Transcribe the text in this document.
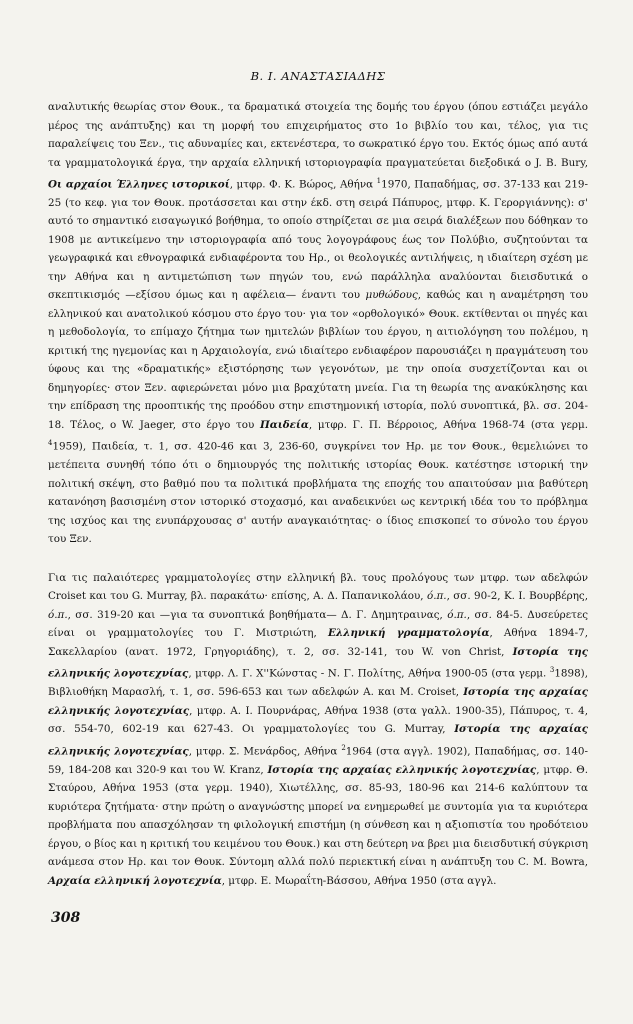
Β. Ι. ΑΝΑΣΤΑΣΙΑΔΗΣ

αναλυτικής θεωρίας στον Θουκ., τα δραματικά στοιχεία της δομής του έργου (όπου εστιάζει μεγάλο μέρος της ανάπτυξης) και τη μορφή του επιχειρήματος στο 1ο βιβλίο του και, τέλος, για τις παραλείψεις του Ξεν., τις αδυναμίες και, εκτενέστερα, το σωκρατικό έργο του. Εκτός όμως από αυτά τα γραμματολογικά έργα, την αρχαία ελληνική ιστοριογραφία πραγματεύεται διεξοδικά ο J. B. Bury, Οι αρχαίοι Έλληνες ιστορικοί, μτφρ. Φ. Κ. Βώρος, Αθήνα $^1$1970, Παπαδήμας, σσ. 37-133 και 219-25 (το κεφ. για τον Θουκ. προτάσσεται και στην έκδ. στη σειρά Πάπυρος, μτφρ. Κ. Γεροργιάννης): σ' αυτό το σημαντικό εισαγωγικό βοήθημα, το οποίο στηρίζεται σε μια σειρά διαλέξεων που δόθηκαν το 1908 με αντικείμενο την ιστοριογραφία από τους λογογράφους έως τον Πολύβιο, συζητούνται τα γεωγραφικά και εθνογραφικά ενδιαφέροντα του Ηρ., οι θεολογικές αντιλήψεις, η ιδιαίτερη σχέση με την Αθήνα και η αντιμετώπιση των πηγών του, ενώ παράλληλα αναλύονται διεισδυτικά ο σκεπτικισμός —εξίσου όμως και η αφέλεια— έναντι του μυθώδους, καθώς και η αναμέτρηση του ελληνικού και ανατολικού κόσμου στο έργο του· για τον «ορθολογικό» Θουκ. εκτίθενται οι πηγές και η μεθοδολογία, το επίμαχο ζήτημα των ημιτελών βιβλίων του έργου, η αιτιολόγηση του πολέμου, η κριτική της ηγεμονίας και η Αρχαιολογία, ενώ ιδιαίτερο ενδιαφέρον παρουσιάζει η πραγμάτευση του ύφους και της «δραματικής» εξιστόρησης των γεγονότων, με την οποία συσχετίζονται και οι δημηγορίες· στον Ξεν. αφιερώνεται μόνο μια βραχύτατη μνεία. Για τη θεωρία της ανακύκλησης και την επίδραση της προοπτικής της προόδου στην επιστημονική ιστορία, πολύ συνοπτικά, βλ. σσ. 204-18. Τέλος, ο W. Jaeger, στο έργο του Παιδεία, μτφρ. Γ. Π. Βέρροιος, Αθήνα 1968-74 (στα γερμ. $^4$1959), Παιδεία, τ. 1, σσ. 420-46 και 3, 236-60, συγκρίνει τον Ηρ. με τον Θουκ., θεμελιώνει το μετέπειτα συνηθή τόπο ότι ο δημιουργός της πολιτικής ιστορίας Θουκ. κατέστησε ιστορική την πολιτική σκέψη, στο βαθμό που τα πολιτικά προβλήματα της εποχής του απαιτούσαν μια βαθύτερη κατανόηση βασισμένη στον ιστορικό στοχασμό, και αναδεικνύει ως κεντρική ιδέα του το πρόβλημα της ισχύος και της ενυπάρχουσας σ' αυτήν αναγκαιότητας· ο ίδιος επισκοπεί το σύνολο του έργου του Ξεν.

Για τις παλαιότερες γραμματολογίες στην ελληνική βλ. τους προλόγους των μτφρ. των αδελφών Croiset και του G. Murray, βλ. παρακάτω· επίσης, Α. Δ. Παπανικολάου, ό.π., σσ. 90-2, Κ. Ι. Βουρβέρης, ό.π., σσ. 319-20 και —για τα συνοπτικά βοηθήματα— Δ. Γ. Δημητραινας, ό.π., σσ. 84-5. Δυσεύρετες είναι οι γραμματολογίες του Γ. Μιστριώτη, Ελληνική γραμματολογία, Αθήνα 1894-7, Σακελλαρίου (ανατ. 1972, Γρηγοριάδης), τ. 2, σσ. 32-141, του W. von Christ, Ιστορία της ελληνικής λογοτεχνίας, μτφρ. Λ. Γ. Χ''Κώνστας - Ν. Γ. Πολίτης, Αθήνα 1900-05 (στα γερμ. $^3$1898), Βιβλιοθήκη Μαρασλή, τ. 1, σσ. 596-653 και των αδελφών Α. και Μ. Croiset, Ιστορία της αρχαίας ελληνικής λογοτεχνίας, μτφρ. Α. Ι. Πουρνάρας, Αθήνα 1938 (στα γαλλ. 1900-35), Πάπυρος, τ. 4, σσ. 554-70, 602-19 και 627-43. Οι γραμματολογίες του G. Murray, Ιστορία της αρχαίας ελληνικής λογοτεχνίας, μτφρ. Σ. Μενάρδος, Αθήνα $^2$1964 (στα αγγλ. 1902), Παπαδήμας, σσ. 140-59, 184-208 και 320-9 και του W. Kranz, Ιστορία της αρχαίας ελληνικής λογοτεχνίας, μτφρ. Θ. Σταύρου, Αθήνα 1953 (στα γερμ. 1940), Χιωτέλλης, σσ. 85-93, 180-96 και 214-6 καλύπτουν τα κυριότερα ζητήματα· στην πρώτη ο αναγνώστης μπορεί να ενημερωθεί με συντομία για τα κυριότερα προβλήματα που απασχόλησαν τη φιλολογική επιστήμη (η σύνθεση και η αξιοπιστία του ηροδότειου έργου, ο βίος και η κριτική του κειμένου του Θουκ.) και στη δεύτερη να βρει μια διεισδυτική σύγκριση ανάμεσα στον Ηρ. και τον Θουκ. Σύντομη αλλά πολύ περιεκτική είναι η ανάπτυξη του C. M. Bowra, Αρχαία ελληνική λογοτεχνία, μτφρ. Ε. Μωραΐτη-Βάσσου, Αθήνα 1950 (στα αγγλ.

308
